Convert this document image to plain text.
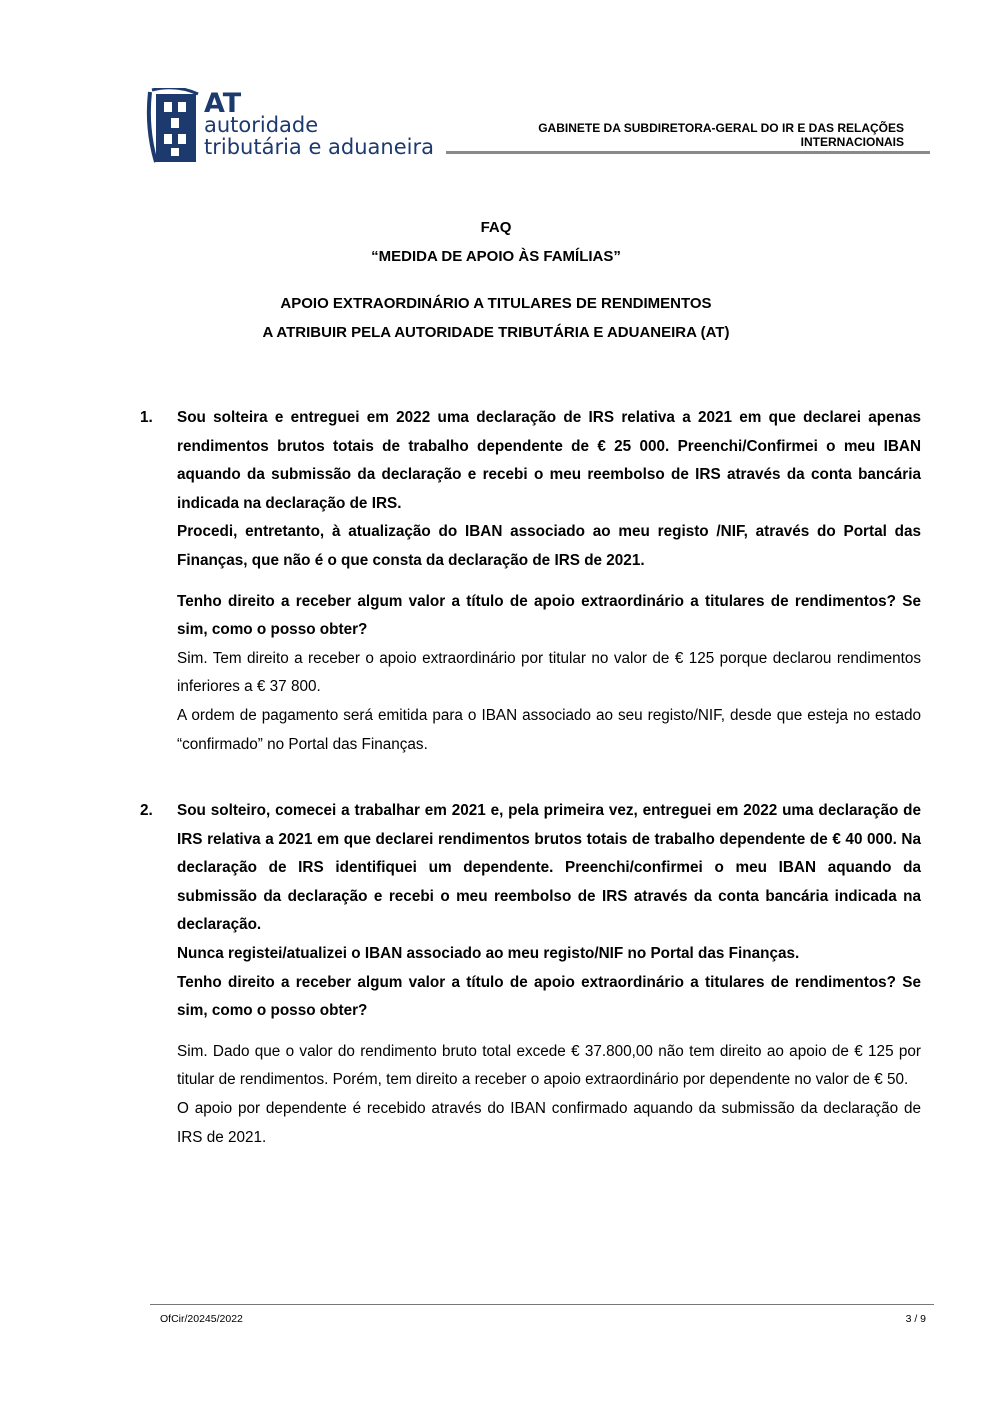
AT
autoridade
tributária e aduaneira
GABINETE DA SUBDIRETORA-GERAL DO IR E DAS RELAÇÕES
INTERNACIONAIS
FAQ
“MEDIDA DE APOIO ÀS FAMÍLIAS”
APOIO EXTRAORDINÁRIO A TITULARES DE RENDIMENTOS
A ATRIBUIR PELA AUTORIDADE TRIBUTÁRIA E ADUANEIRA (AT)
1. Sou solteira e entreguei em 2022 uma declaração de IRS relativa a 2021 em que declarei apenas rendimentos brutos totais de trabalho dependente de € 25 000. Preenchi/Confirmei o meu IBAN aquando da submissão da declaração e recebi o meu reembolso de IRS através da conta bancária indicada na declaração de IRS.

Procedi, entretanto, à atualização do IBAN associado ao meu registo /NIF, através do Portal das Finanças, que não é o que consta da declaração de IRS de 2021.

Tenho direito a receber algum valor a título de apoio extraordinário a titulares de rendimentos? Se sim, como o posso obter?

Sim. Tem direito a receber o apoio extraordinário por titular no valor de € 125 porque declarou rendimentos inferiores a € 37 800.

A ordem de pagamento será emitida para o IBAN associado ao seu registo/NIF, desde que esteja no estado “confirmado” no Portal das Finanças.

2. Sou solteiro, comecei a trabalhar em 2021 e, pela primeira vez, entreguei em 2022 uma declaração de IRS relativa a 2021 em que declarei rendimentos brutos totais de trabalho dependente de € 40 000. Na declaração de IRS identifiquei um dependente. Preenchi/confirmei o meu IBAN aquando da submissão da declaração e recebi o meu reembolso de IRS através da conta bancária indicada na declaração.

Nunca registei/atualizei o IBAN associado ao meu registo/NIF no Portal das Finanças.

Tenho direito a receber algum valor a título de apoio extraordinário a titulares de rendimentos? Se sim, como o posso obter?

Sim. Dado que o valor do rendimento bruto total excede € 37.800,00 não tem direito ao apoio de € 125 por titular de rendimentos. Porém, tem direito a receber o apoio extraordinário por dependente no valor de € 50.

O apoio por dependente é recebido através do IBAN confirmado aquando da submissão da declaração de IRS de 2021.

OfCir/20245/2022	3 / 9
